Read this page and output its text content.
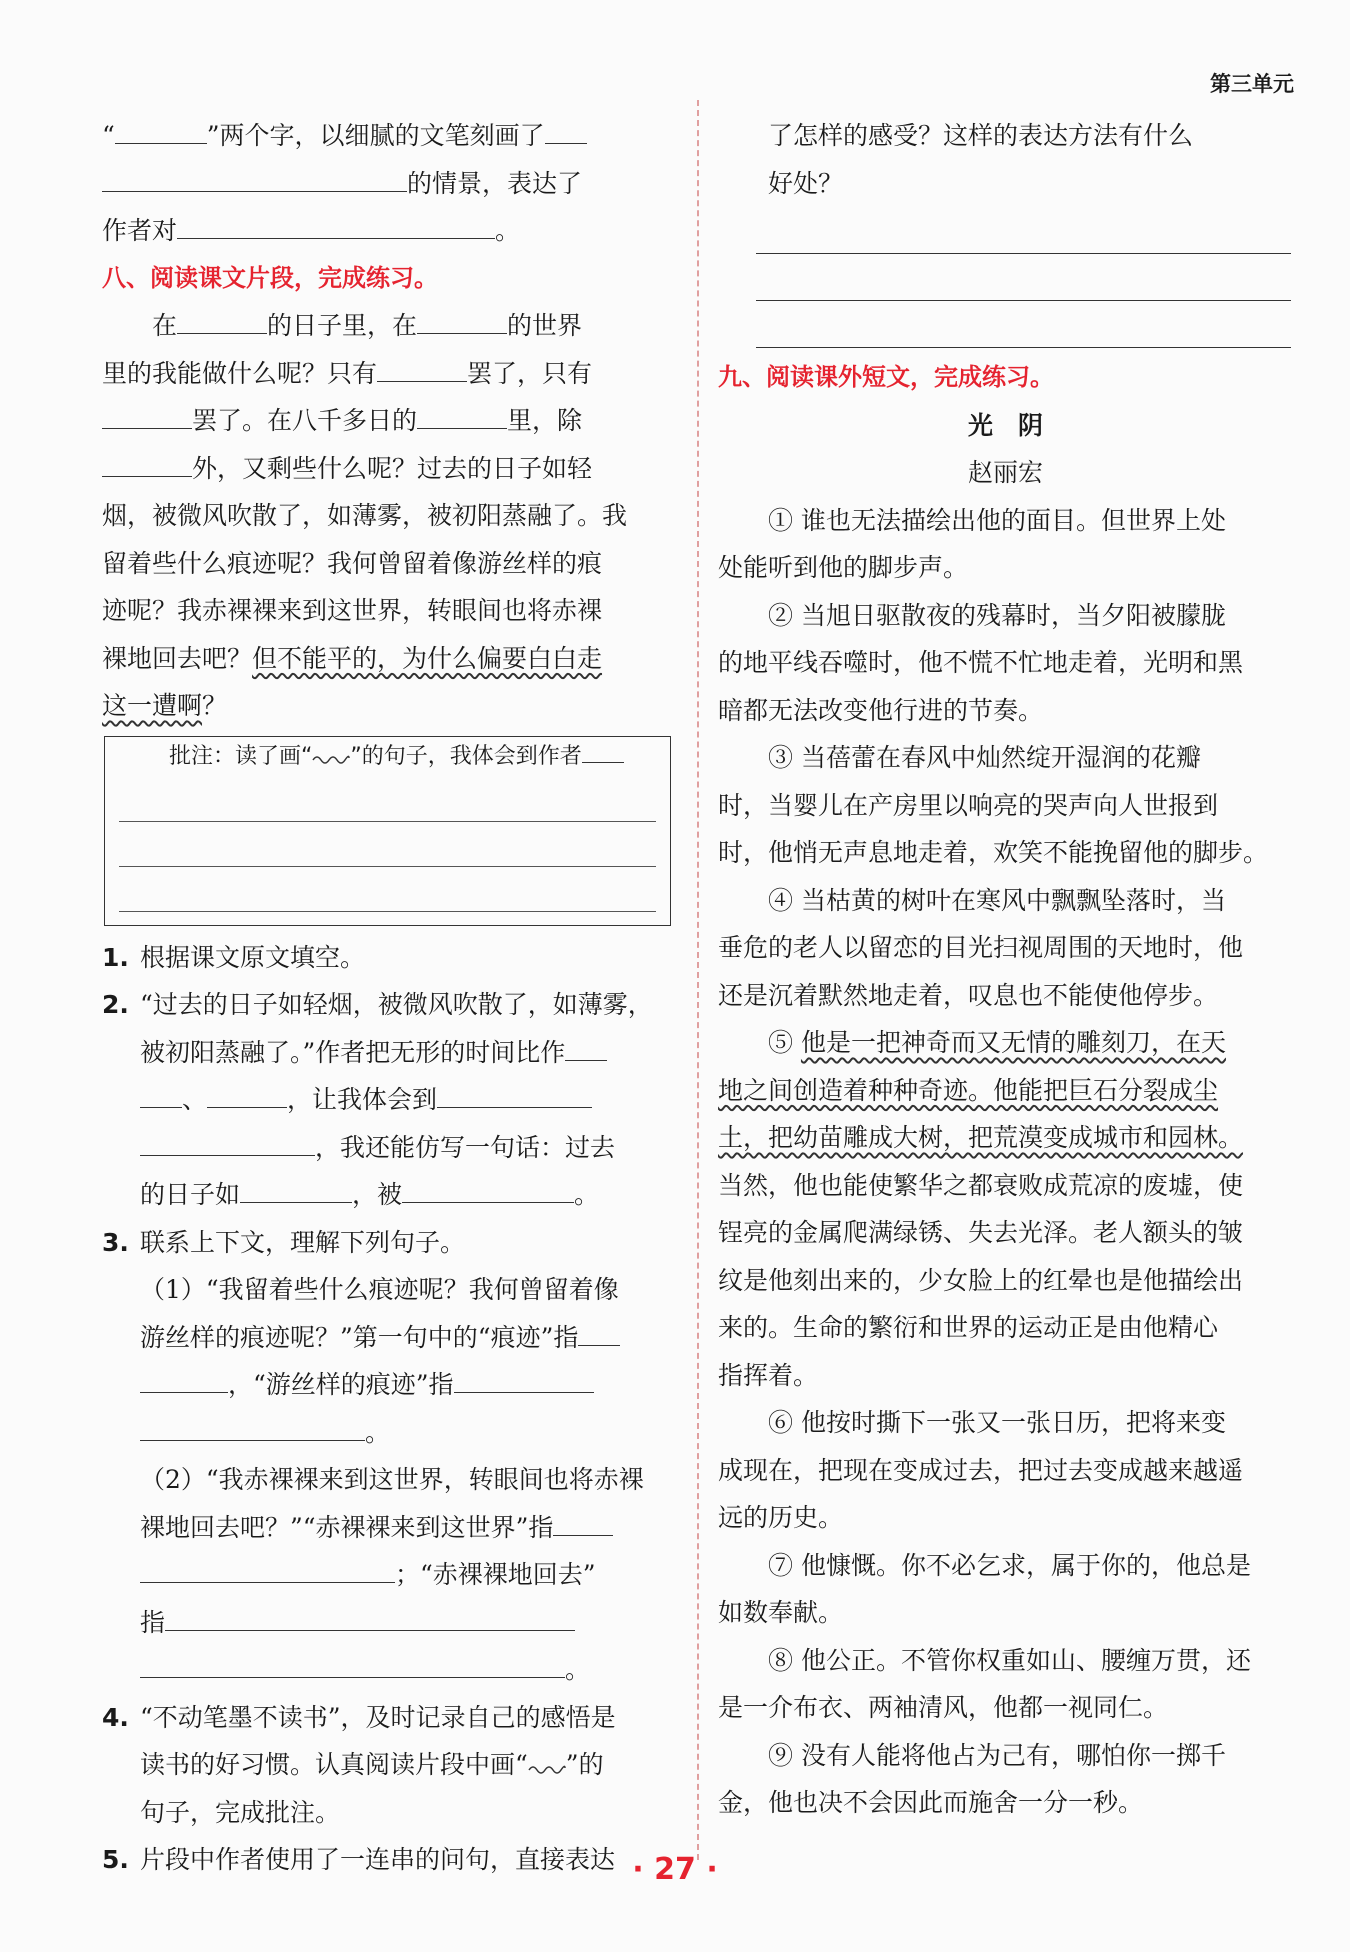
第三单元
“	”两个字，以细腻的文笔刻画了
的情景，表达了
作者对	。
八、阅读课文片段，完成练习。
在	的日子里，在	的世界
里的我能做什么呢？只有	罢了，只有
罢了。在八千多日的	里，除
外，又剩些什么呢？过去的日子如轻
烟，被微风吹散了，如薄雾，被初阳蒸融了。我
留着些什么痕迹呢？我何曾留着像游丝样的痕
迹呢？我赤裸裸来到这世界，转眼间也将赤裸
裸地回去吧？但不能平的，为什么偏要白白走
这一遭啊？
批注：读了画“ ”的句子，我体会到作者
1. 根据课文原文填空。
2. “过去的日子如轻烟，被微风吹散了，如薄雾，
被初阳蒸融了。”作者把无形的时间比作
、	，让我体会到
，我还能仿写一句话：过去
的日子如	，被	。
3. 联系上下文，理解下列句子。
（1）“我留着些什么痕迹呢？我何曾留着像
游丝样的痕迹呢？”第一句中的“痕迹”指
，“游丝样的痕迹”指
。
（2）“我赤裸裸来到这世界，转眼间也将赤裸
裸地回去吧？”“赤裸裸来到这世界”指
；“赤裸裸地回去”
指
。
4. “不动笔墨不读书”，及时记录自己的感悟是
读书的好习惯。认真阅读片段中画“ ”的
句子，完成批注。
5. 片段中作者使用了一连串的问句，直接表达
了怎样的感受？这样的表达方法有什么
好处？
九、阅读课外短文，完成练习。
光　阴
赵丽宏
① 谁也无法描绘出他的面目。但世界上处
处能听到他的脚步声。
② 当旭日驱散夜的残幕时，当夕阳被朦胧
的地平线吞噬时，他不慌不忙地走着，光明和黑
暗都无法改变他行进的节奏。
③ 当蓓蕾在春风中灿然绽开湿润的花瓣
时，当婴儿在产房里以响亮的哭声向人世报到
时，他悄无声息地走着，欢笑不能挽留他的脚步。
④ 当枯黄的树叶在寒风中飘飘坠落时，当
垂危的老人以留恋的目光扫视周围的天地时，他
还是沉着默然地走着，叹息也不能使他停步。
⑤ 他是一把神奇而又无情的雕刻刀，在天
地之间创造着种种奇迹。他能把巨石分裂成尘
土，把幼苗雕成大树，把荒漠变成城市和园林。
当然，他也能使繁华之都衰败成荒凉的废墟，使
锃亮的金属爬满绿锈、失去光泽。老人额头的皱
纹是他刻出来的，少女脸上的红晕也是他描绘出
来的。生命的繁衍和世界的运动正是由他精心
指挥着。
⑥ 他按时撕下一张又一张日历，把将来变
成现在，把现在变成过去，把过去变成越来越遥
远的历史。
⑦ 他慷慨。你不必乞求，属于你的，他总是
如数奉献。
⑧ 他公正。不管你权重如山、腰缠万贯，还
是一介布衣、两袖清风，他都一视同仁。
⑨ 没有人能将他占为己有，哪怕你一掷千
金，他也决不会因此而施舍一分一秒。
· 27 ·
